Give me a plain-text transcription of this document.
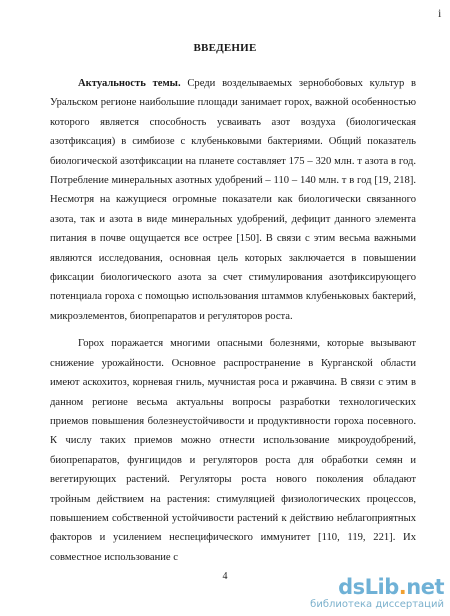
i
ВВЕДЕНИЕ

Актуальность темы. Среди возделываемых зернобобовых культур в Уральском регионе наибольшие площади занимает горох, важной особенностью которого является способность усваивать азот воздуха (биологическая азотфиксация) в симбиозе с клубеньковыми бактериями. Общий показатель биологической азотфиксации на планете составляет 175 – 320 млн. т азота в год. Потребление минеральных азотных удобрений – 110 – 140 млн. т в год [19, 218]. Несмотря на кажущиеся огромные показатели как биологически связанного азота, так и азота в виде минеральных удобрений, дефицит данного элемента питания в почве ощущается все острее [150]. В связи с этим весьма важными являются исследования, основная цель которых заключается в повышении фиксации биологического азота за счет стимулирования азотфиксирующего потенциала гороха с помощью использования штаммов клубеньковых бактерий, микроэлементов, биопрепаратов и регуляторов роста.

Горох поражается многими опасными болезнями, которые вызывают снижение урожайности. Основное распространение в Курганской области имеют аскохитоз, корневая гниль, мучнистая роса и ржавчина. В связи с этим в данном регионе весьма актуальны вопросы разработки технологических приемов повышения болезнеустойчивости и продуктивности гороха посевного. К числу таких приемов можно отнести использование микроудобрений, биопрепаратов, фунгицидов и регуляторов роста для обработки семян и вегетирующих растений. Регуляторы роста нового поколения обладают тройным действием на растения: стимуляцией физиологических процессов, повышением собственной устойчивости растений к действию неблагоприятных факторов и усилением неспецифического иммунитет [110, 119, 221]. Их совместное использование с

4	dsLib.net
библиотека диссертаций
